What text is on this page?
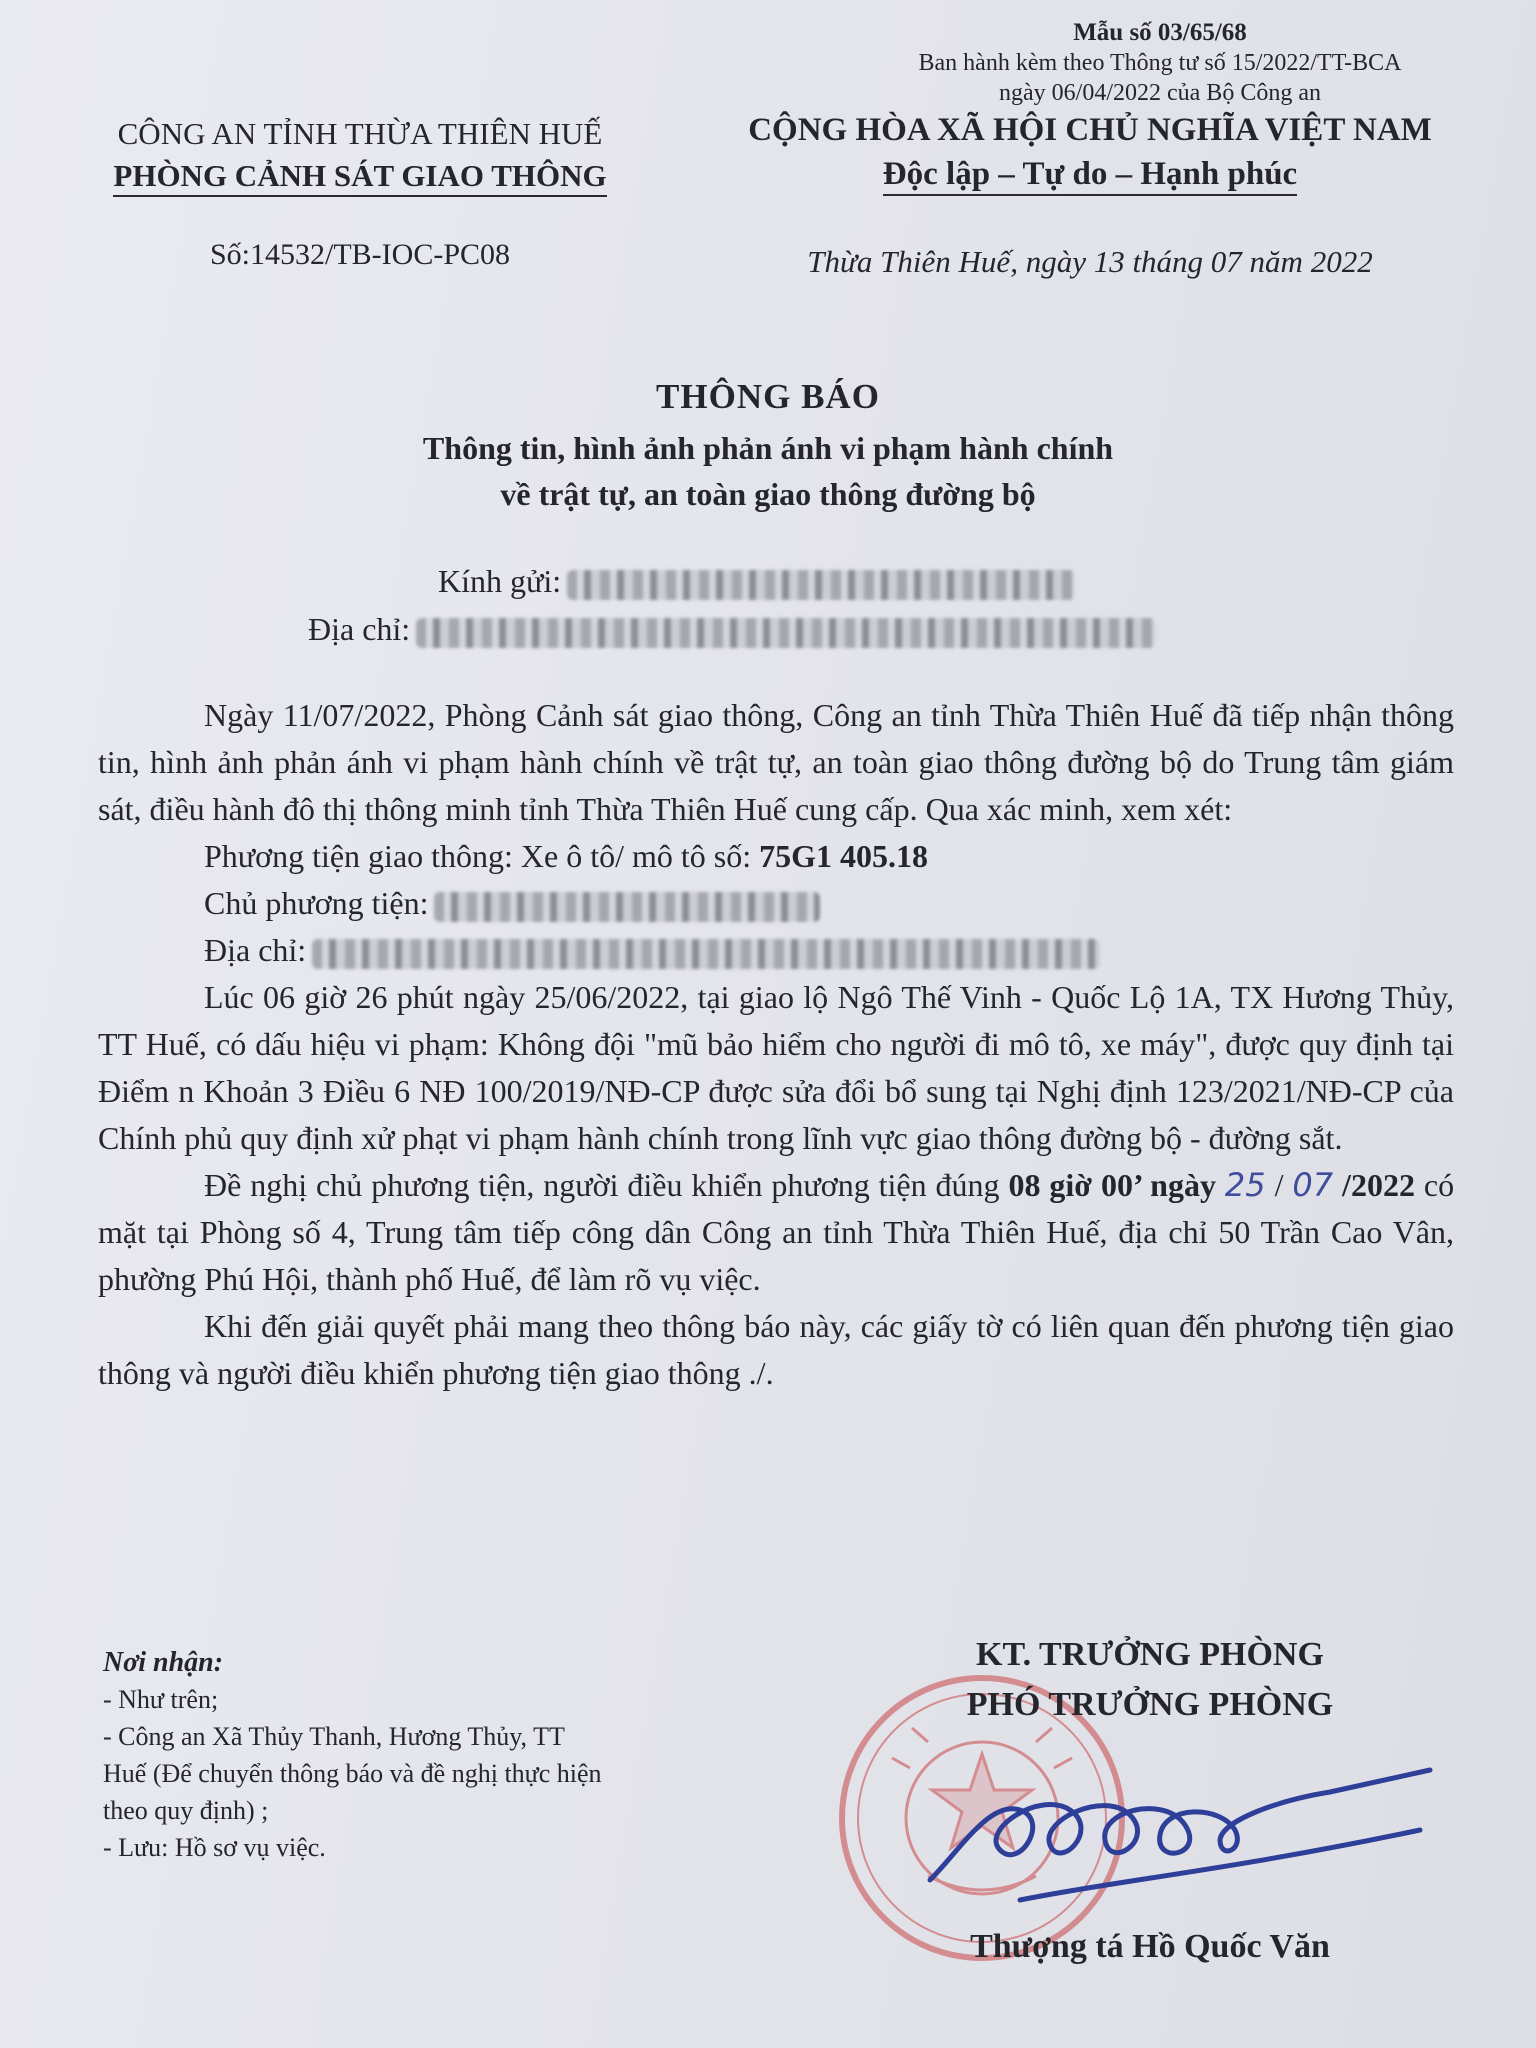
Mẫu số 03/65/68
Ban hành kèm theo Thông tư số 15/2022/TT-BCA
ngày 06/04/2022 của Bộ Công an
CÔNG AN TỈNH THỪA THIÊN HUẾ
PHÒNG CẢNH SÁT GIAO THÔNG
CỘNG HÒA XÃ HỘI CHỦ NGHĨA VIỆT NAM
Độc lập – Tự do – Hạnh phúc
Số:14532/TB-IOC-PC08	Thừa Thiên Huế, ngày 13 tháng 07 năm 2022
THÔNG BÁO
Thông tin, hình ảnh phản ánh vi phạm hành chính
về trật tự, an toàn giao thông đường bộ
Kính gửi:
Địa chỉ:

Ngày 11/07/2022, Phòng Cảnh sát giao thông, Công an tỉnh Thừa Thiên Huế đã tiếp nhận thông tin, hình ảnh phản ánh vi phạm hành chính về trật tự, an toàn giao thông đường bộ do Trung tâm giám sát, điều hành đô thị thông minh tỉnh Thừa Thiên Huế cung cấp. Qua xác minh, xem xét:

Phương tiện giao thông: Xe ô tô/ mô tô số: 75G1 405.18

Chủ phương tiện:

Địa chỉ:

Lúc 06 giờ 26 phút ngày 25/06/2022, tại giao lộ Ngô Thế Vinh - Quốc Lộ 1A, TX Hương Thủy, TT Huế, có dấu hiệu vi phạm: Không đội "mũ bảo hiểm cho người đi mô tô, xe máy", được quy định tại Điểm n Khoản 3 Điều 6 NĐ 100/2019/NĐ-CP được sửa đổi bổ sung tại Nghị định 123/2021/NĐ-CP của Chính phủ quy định xử phạt vi phạm hành chính trong lĩnh vực giao thông đường bộ - đường sắt.

Đề nghị chủ phương tiện, người điều khiển phương tiện đúng 08 giờ 00’ ngày 25 / 07 /2022 có mặt tại Phòng số 4, Trung tâm tiếp công dân Công an tỉnh Thừa Thiên Huế, địa chỉ 50 Trần Cao Vân, phường Phú Hội, thành phố Huế, để làm rõ vụ việc.

Khi đến giải quyết phải mang theo thông báo này, các giấy tờ có liên quan đến phương tiện giao thông và người điều khiển phương tiện giao thông ./.

Nơi nhận:
- Như trên;
- Công an Xã Thủy Thanh, Hương Thủy, TT
Huế (Để chuyển thông báo và đề nghị thực hiện
theo quy định) ;
- Lưu: Hồ sơ vụ việc.
KT. TRƯỞNG PHÒNG
PHÓ TRƯỞNG PHÒNG
Thượng tá Hồ Quốc Văn
